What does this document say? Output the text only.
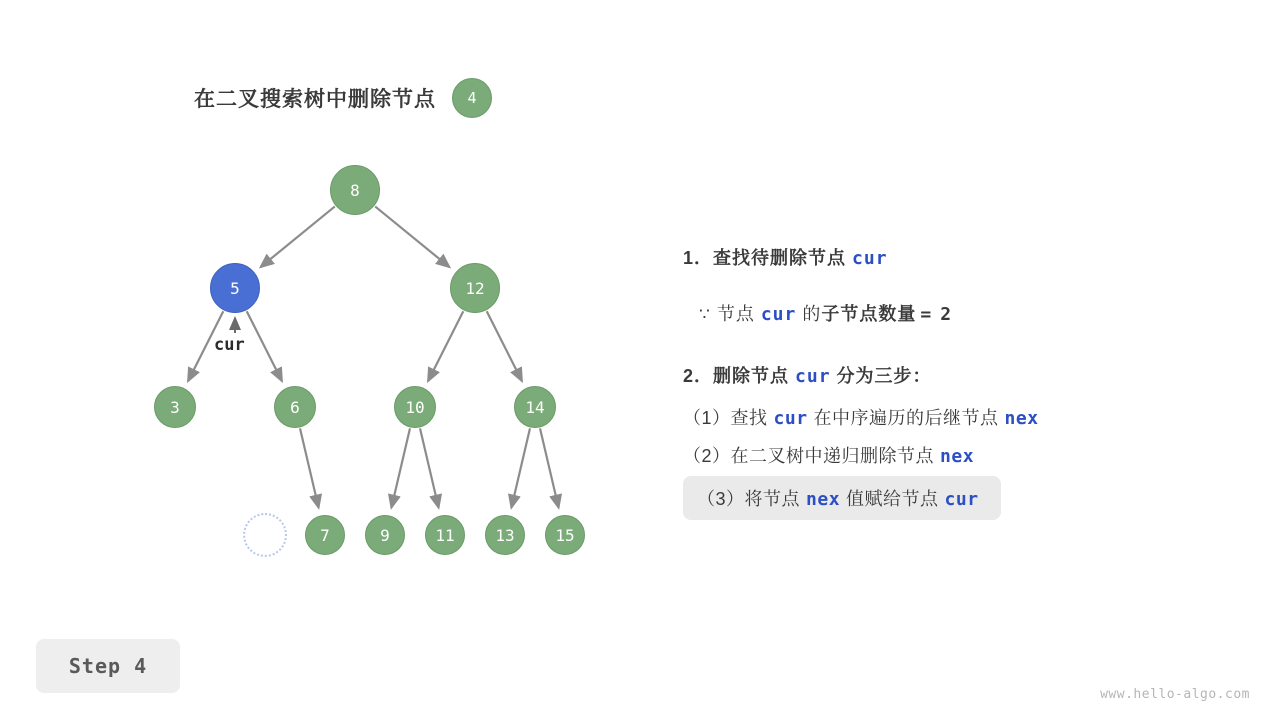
在二叉搜索树中删除节点	4
8
5	12
3	6	10	14
7	9	11	13	15
cur
1．查找待删除节点 cur
∵ 节点 cur 的 子节点数量 = 2
2．删除节点 cur 分为三步：
（1） 查找 cur 在中序遍历的后继节点 nex
（2） 在二叉树中递归删除节点 nex
（3） 将节点 nex 值赋给节点 cur
Step 4
www.hello-algo.com
